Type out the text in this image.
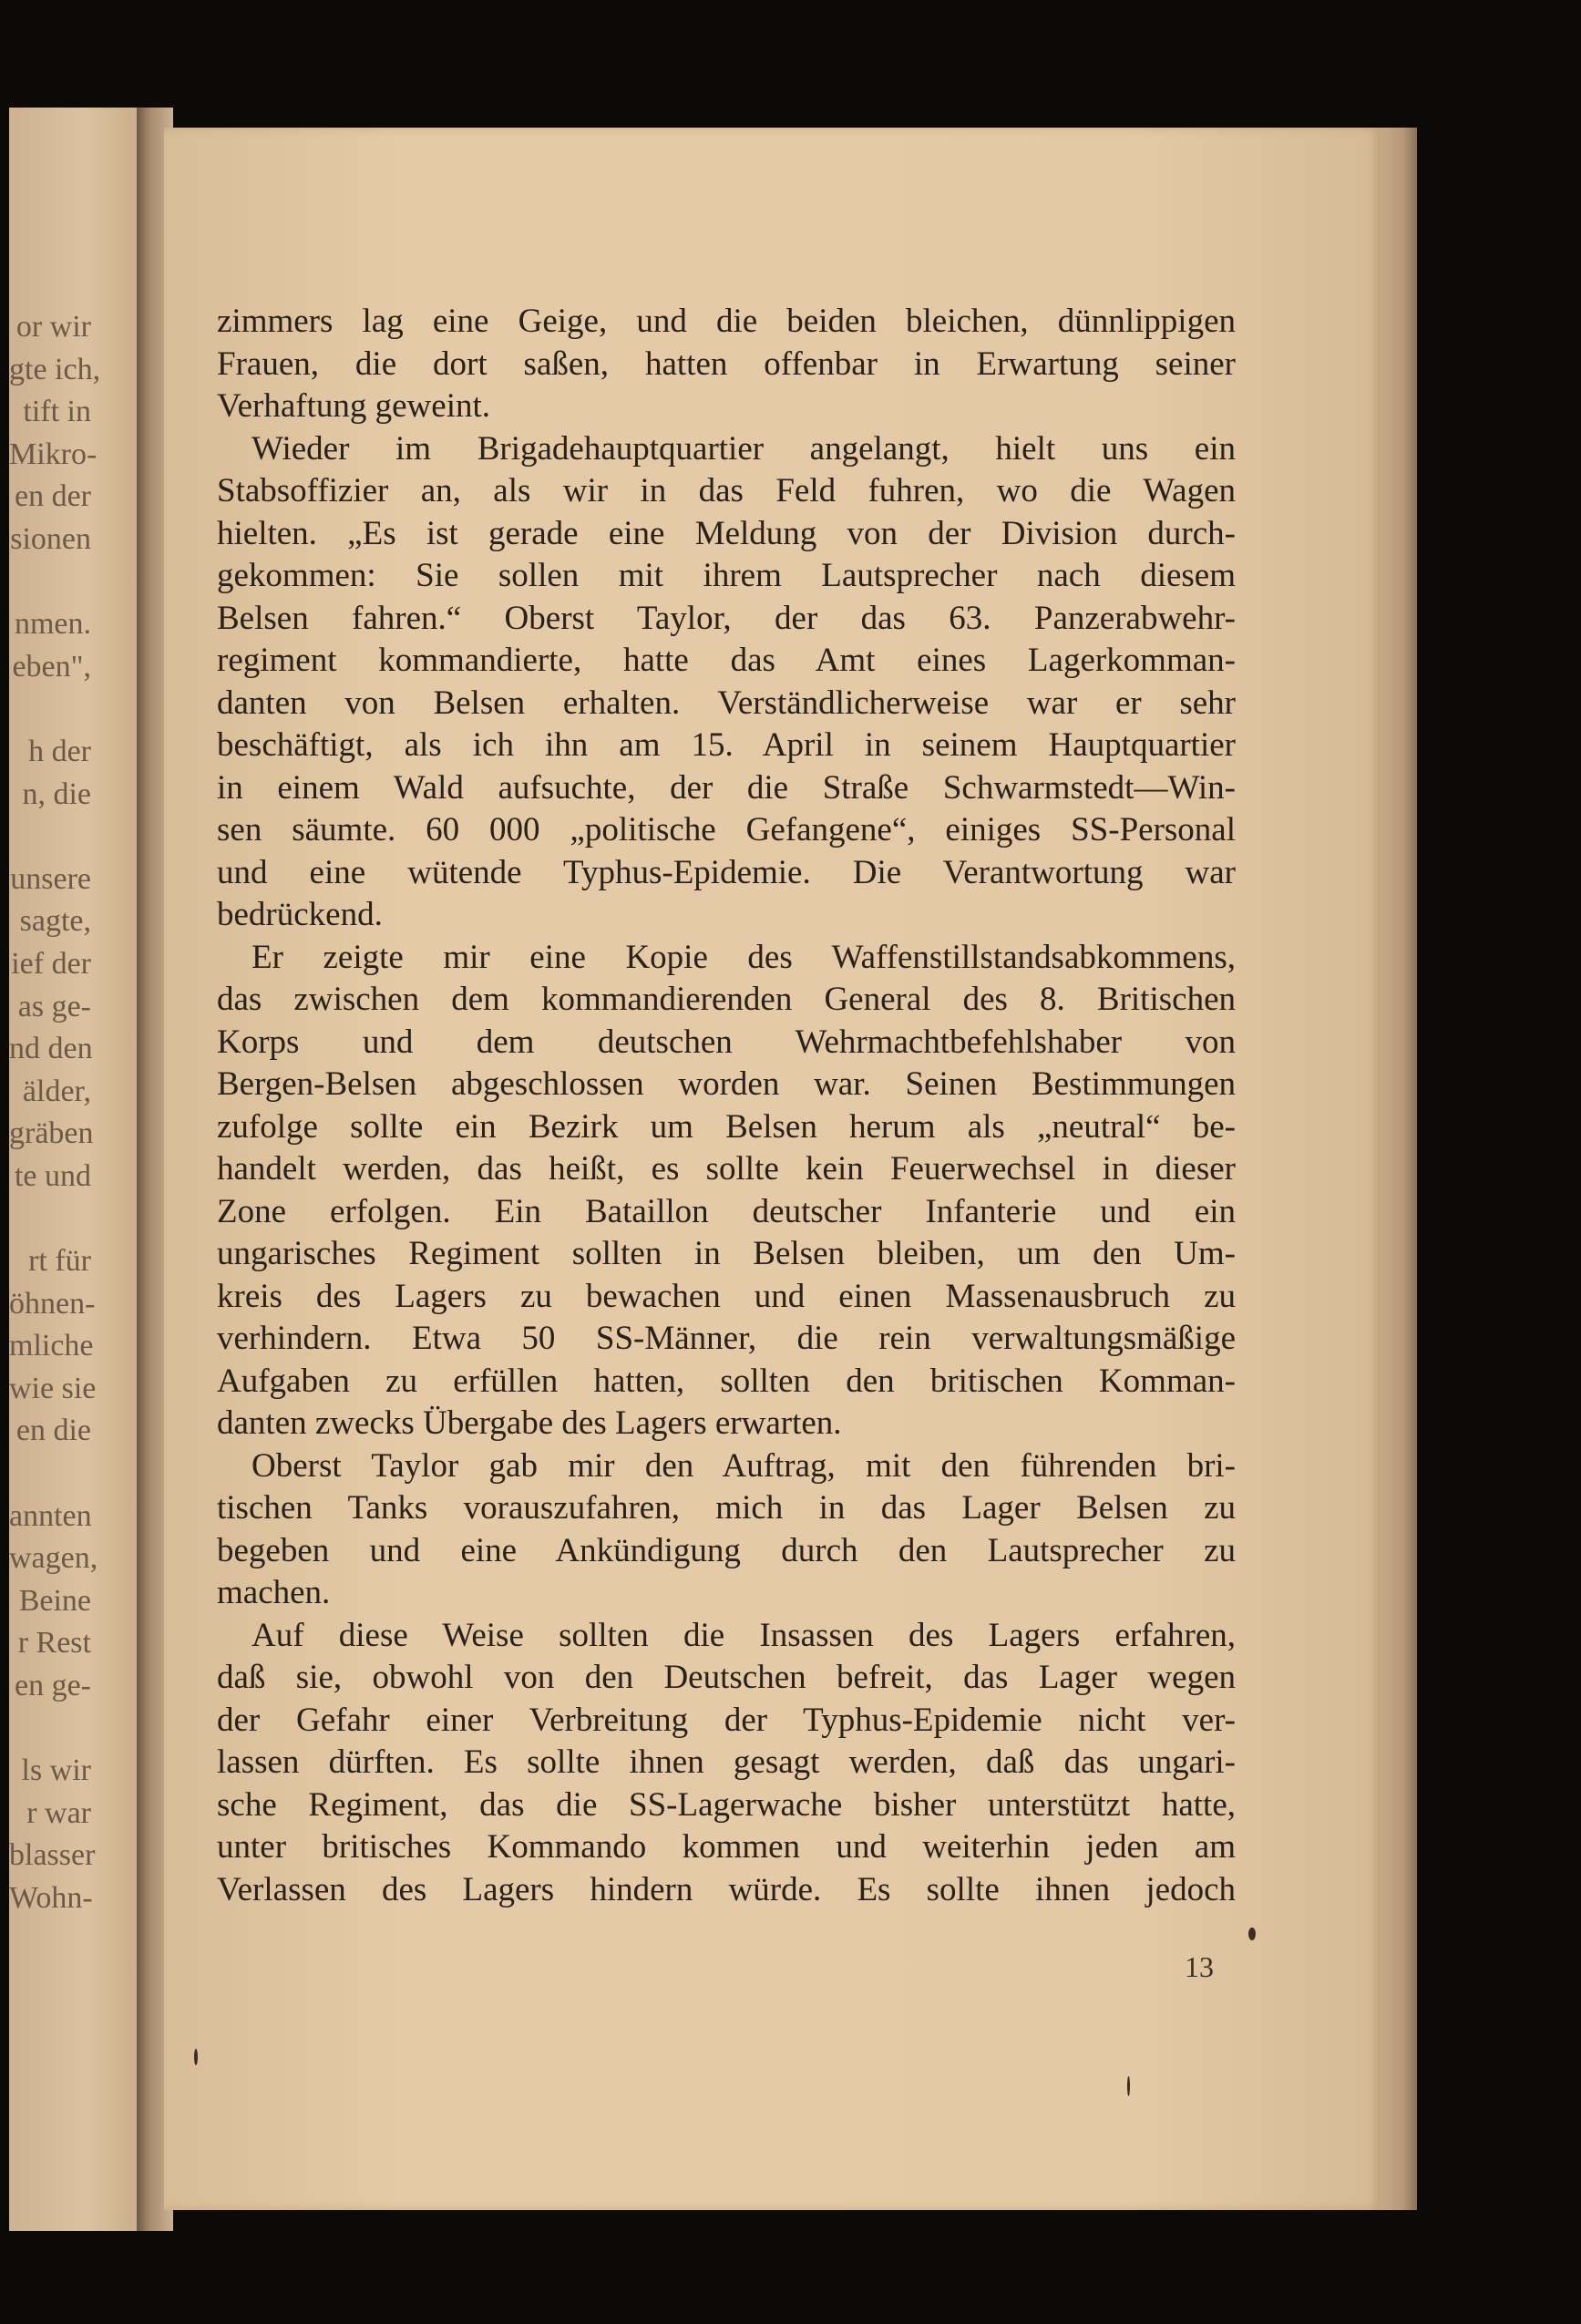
or wir
gte ich,
tift in
Mikro-
en der
sionen
nmen.
eben",
h der
n, die
unsere
sagte,
ief der
as ge-
nd den
älder,
gräben
te und
rt für
öhnen-
mliche
wie sie
en die
annten
wagen,
Beine
r Rest
en ge-
ls wir
r war
blasser
Wohn-
zimmers lag eine Geige, und die beiden bleichen, dünnlippigen
Frauen, die dort saßen, hatten offenbar in Erwartung seiner
Verhaftung geweint.
Wieder im Brigadehauptquartier angelangt, hielt uns ein
Stabsoffizier an, als wir in das Feld fuhren, wo die Wagen
hielten. „Es ist gerade eine Meldung von der Division durch-
gekommen: Sie sollen mit ihrem Lautsprecher nach diesem
Belsen fahren.“ Oberst Taylor, der das 63. Panzerabwehr-
regiment kommandierte, hatte das Amt eines Lagerkomman-
danten von Belsen erhalten. Verständlicherweise war er sehr
beschäftigt, als ich ihn am 15. April in seinem Hauptquartier
in einem Wald aufsuchte, der die Straße Schwarmstedt—Win-
sen säumte. 60 000 „politische Gefangene“, einiges SS-Personal
und eine wütende Typhus-Epidemie. Die Verantwortung war
bedrückend.
Er zeigte mir eine Kopie des Waffenstillstandsabkommens,
das zwischen dem kommandierenden General des 8. Britischen
Korps und dem deutschen Wehrmachtbefehlshaber von
Bergen-Belsen abgeschlossen worden war. Seinen Bestimmungen
zufolge sollte ein Bezirk um Belsen herum als „neutral“ be-
handelt werden, das heißt, es sollte kein Feuerwechsel in dieser
Zone erfolgen. Ein Bataillon deutscher Infanterie und ein
ungarisches Regiment sollten in Belsen bleiben, um den Um-
kreis des Lagers zu bewachen und einen Massenausbruch zu
verhindern. Etwa 50 SS-Männer, die rein verwaltungsmäßige
Aufgaben zu erfüllen hatten, sollten den britischen Komman-
danten zwecks Übergabe des Lagers erwarten.
Oberst Taylor gab mir den Auftrag, mit den führenden bri-
tischen Tanks vorauszufahren, mich in das Lager Belsen zu
begeben und eine Ankündigung durch den Lautsprecher zu
machen.
Auf diese Weise sollten die Insassen des Lagers erfahren,
daß sie, obwohl von den Deutschen befreit, das Lager wegen
der Gefahr einer Verbreitung der Typhus-Epidemie nicht ver-
lassen dürften. Es sollte ihnen gesagt werden, daß das ungari-
sche Regiment, das die SS-Lagerwache bisher unterstützt hatte,
unter britisches Kommando kommen und weiterhin jeden am
Verlassen des Lagers hindern würde. Es sollte ihnen jedoch
13
